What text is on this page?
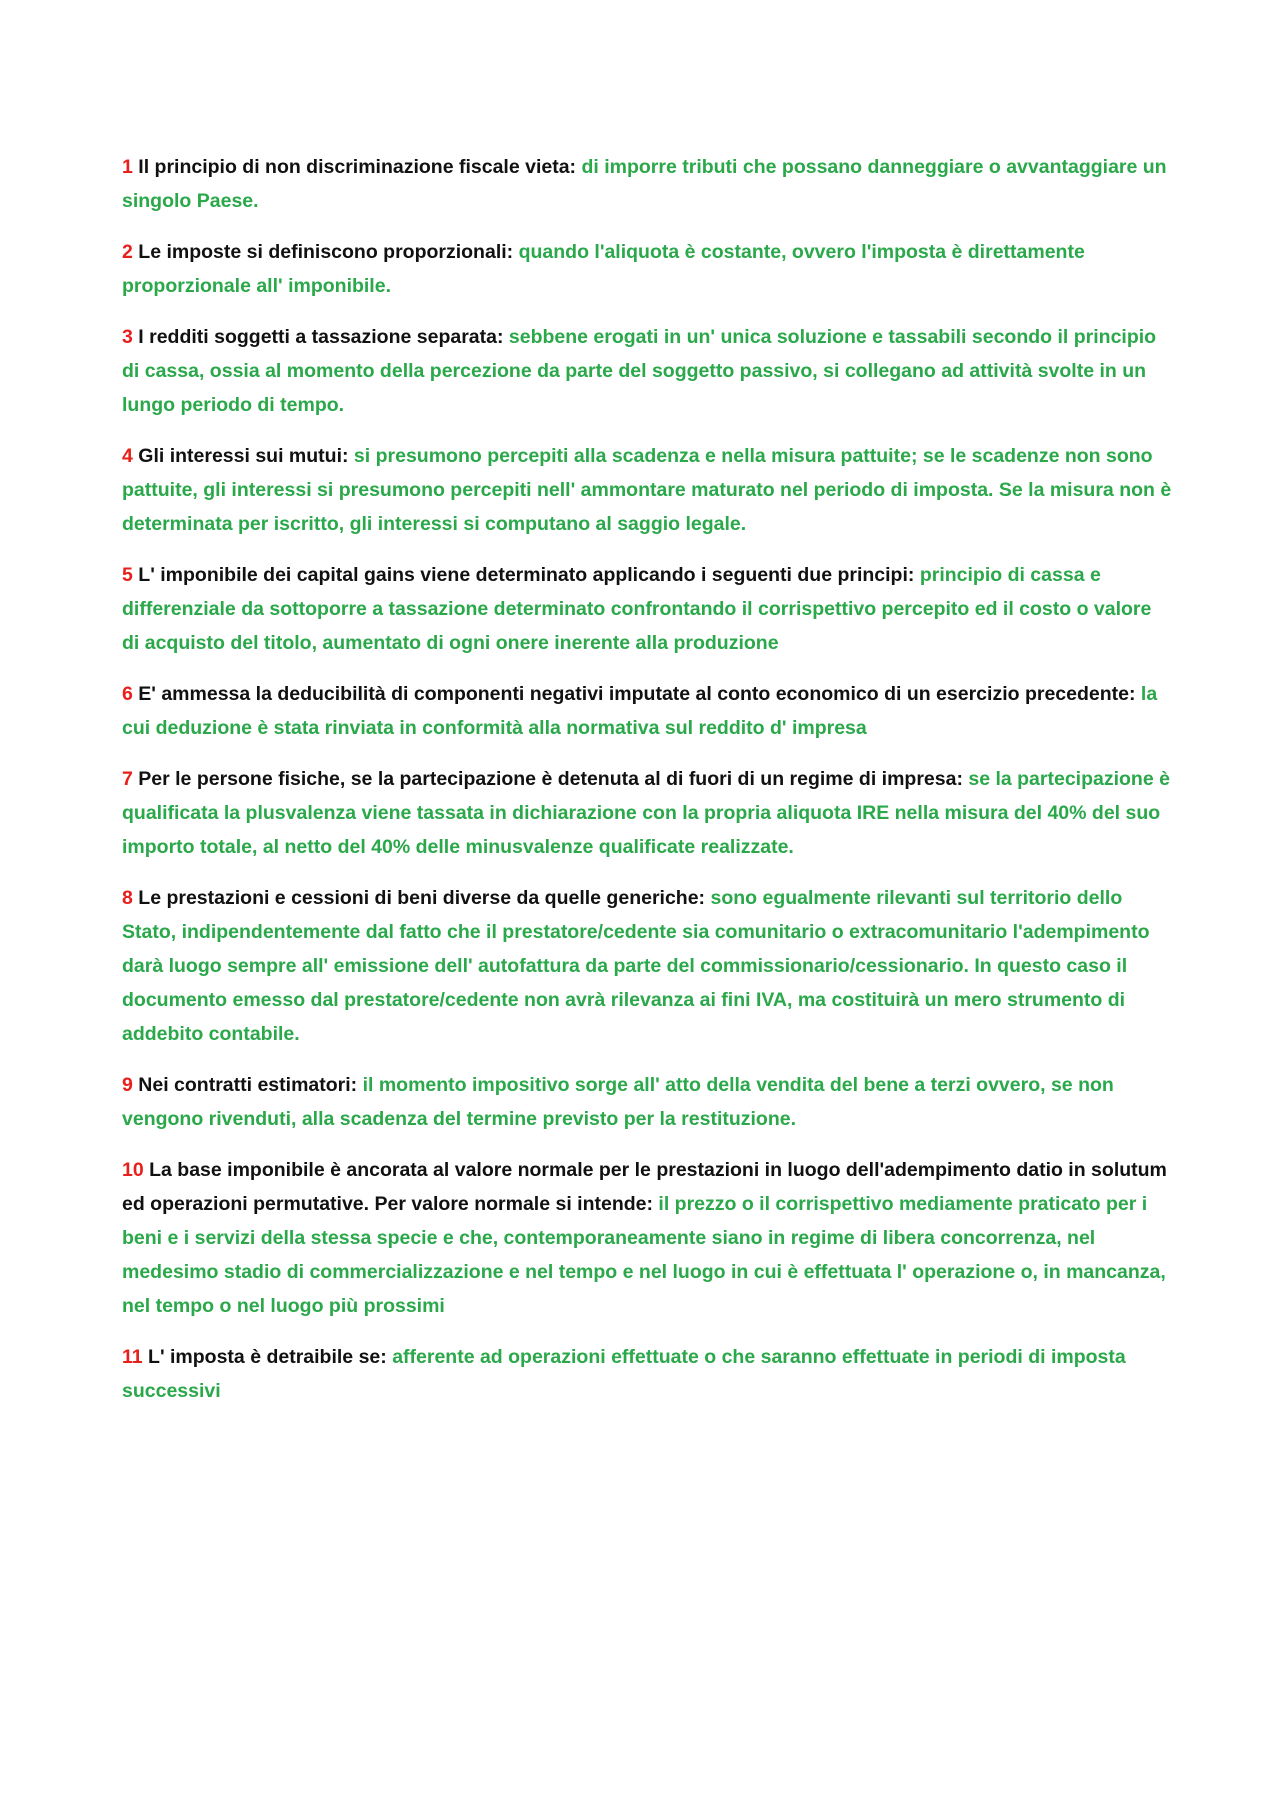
1 Il principio di non discriminazione fiscale vieta: di imporre tributi che possano danneggiare o avvantaggiare un singolo Paese.

2 Le imposte si definiscono proporzionali: quando l'aliquota è costante, ovvero l'imposta è direttamente proporzionale all' imponibile.

3 I redditi soggetti a tassazione separata: sebbene erogati in un' unica soluzione e tassabili secondo il principio di cassa, ossia al momento della percezione da parte del soggetto passivo, si collegano ad attività svolte in un lungo periodo di tempo.

4 Gli interessi sui mutui: si presumono percepiti alla scadenza e nella misura pattuite; se le scadenze non sono pattuite, gli interessi si presumono percepiti nell' ammontare maturato nel periodo di imposta. Se la misura non è determinata per iscritto, gli interessi si computano al saggio legale.

5 L' imponibile dei capital gains viene determinato applicando i seguenti due principi: principio di cassa e differenziale da sottoporre a tassazione determinato confrontando il corrispettivo percepito ed il costo o valore di acquisto del titolo, aumentato di ogni onere inerente alla produzione

6 E' ammessa la deducibilità di componenti negativi imputate al conto economico di un esercizio precedente: la cui deduzione è stata rinviata in conformità alla normativa sul reddito d' impresa

7 Per le persone fisiche, se la partecipazione è detenuta al di fuori di un regime di impresa: se la partecipazione è qualificata la plusvalenza viene tassata in dichiarazione con la propria aliquota IRE nella misura del 40% del suo importo totale, al netto del 40% delle minusvalenze qualificate realizzate.

8 Le prestazioni e cessioni di beni diverse da quelle generiche: sono egualmente rilevanti sul territorio dello Stato, indipendentemente dal fatto che il prestatore/cedente sia comunitario o extracomunitario l'adempimento darà luogo sempre all' emissione dell' autofattura da parte del commissionario/cessionario. In questo caso il documento emesso dal prestatore/cedente non avrà rilevanza ai fini IVA, ma costituirà un mero strumento di addebito contabile.

9 Nei contratti estimatori: il momento impositivo sorge all' atto della vendita del bene a terzi ovvero, se non vengono rivenduti, alla scadenza del termine previsto per la restituzione.

10 La base imponibile è ancorata al valore normale per le prestazioni in luogo dell'adempimento datio in solutum ed operazioni permutative. Per valore normale si intende: il prezzo o il corrispettivo mediamente praticato per i beni e i servizi della stessa specie e che, contemporaneamente siano in regime di libera concorrenza, nel medesimo stadio di commercializzazione e nel tempo e nel luogo in cui è effettuata l' operazione o, in mancanza, nel tempo o nel luogo più prossimi

11 L' imposta è detraibile se: afferente ad operazioni effettuate o che saranno effettuate in periodi di imposta successivi
